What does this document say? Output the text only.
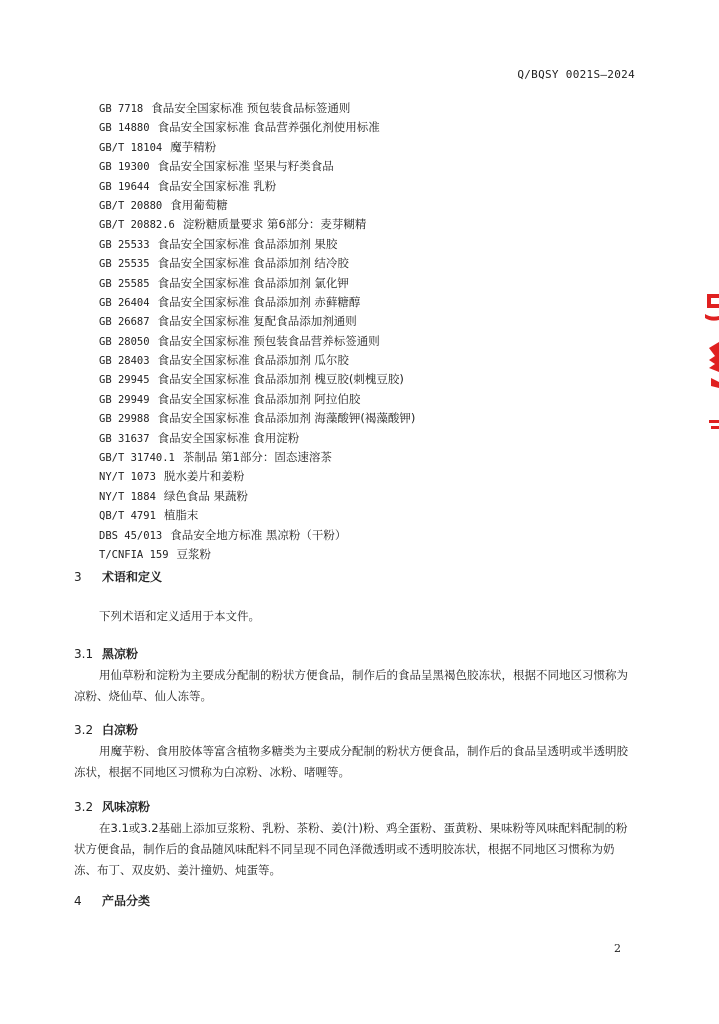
Q/BQSY 0021S—2024
GB 7718 食品安全国家标准 预包装食品标签通则
GB 14880 食品安全国家标准 食品营养强化剂使用标准
GB/T 18104 魔芋精粉
GB 19300 食品安全国家标准 坚果与籽类食品
GB 19644 食品安全国家标准 乳粉
GB/T 20880 食用葡萄糖
GB/T 20882.6 淀粉糖质量要求 第6部分：麦芽糊精
GB 25533 食品安全国家标准 食品添加剂 果胶
GB 25535 食品安全国家标准 食品添加剂 结冷胶
GB 25585 食品安全国家标准 食品添加剂 氯化钾
GB 26404 食品安全国家标准 食品添加剂 赤藓糖醇
GB 26687 食品安全国家标准 复配食品添加剂通则
GB 28050 食品安全国家标准 预包装食品营养标签通则
GB 28403 食品安全国家标准 食品添加剂 瓜尔胶
GB 29945 食品安全国家标准 食品添加剂 槐豆胶(刺槐豆胶)
GB 29949 食品安全国家标准 食品添加剂 阿拉伯胶
GB 29988 食品安全国家标准 食品添加剂 海藻酸钾(褐藻酸钾)
GB 31637 食品安全国家标准 食用淀粉
GB/T 31740.1 茶制品 第1部分：固态速溶茶
NY/T 1073 脱水姜片和姜粉
NY/T 1884 绿色食品 果蔬粉
QB/T 4791 植脂末
DBS 45/013 食品安全地方标准 黑凉粉（干粉）
T/CNFIA 159 豆浆粉
3 术语和定义
下列术语和定义适用于本文件。
3.1 黑凉粉
用仙草粉和淀粉为主要成分配制的粉状方便食品，制作后的食品呈黑褐色胶冻状，根据不同地区习惯称为凉粉、烧仙草、仙人冻等。
3.2 白凉粉
用魔芋粉、食用胶体等富含植物多糖类为主要成分配制的粉状方便食品，制作后的食品呈透明或半透明胶冻状，根据不同地区习惯称为白凉粉、冰粉、啫喱等。
3.2 风味凉粉
在3.1或3.2基础上添加豆浆粉、乳粉、茶粉、姜(汁)粉、鸡全蛋粉、蛋黄粉、果味粉等风味配料配制的粉状方便食品，制作后的食品随风味配料不同呈现不同色泽微透明或不透明胶冻状，根据不同地区习惯称为奶冻、布丁、双皮奶、姜汁撞奶、炖蛋等。
4 产品分类
2
